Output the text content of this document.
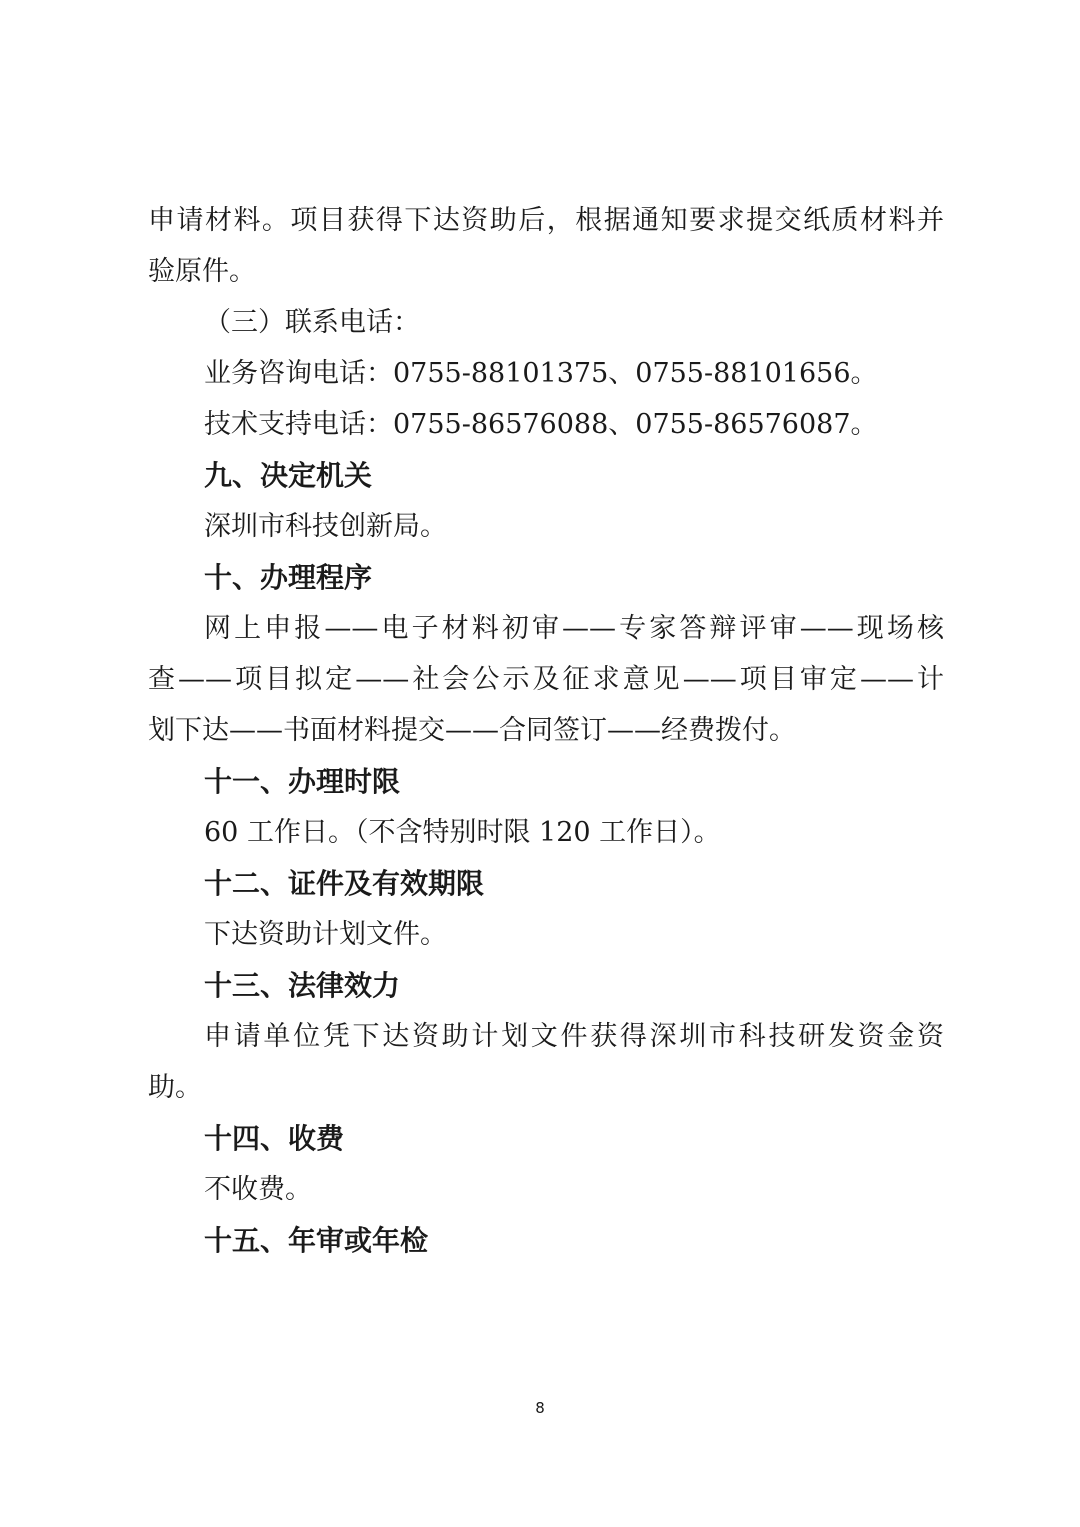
申请材料。项目获得下达资助后，根据通知要求提交纸质材料并

验原件。

（三）联系电话：

业务咨询电话：0755-88101375、0755-88101656。

技术支持电话：0755-86576088、0755-86576087。

九、决定机关

深圳市科技创新局。

十、办理程序

网上申报——电子材料初审——专家答辩评审——现场核

查——项目拟定——社会公示及征求意见——项目审定——计

划下达——书面材料提交——合同签订——经费拨付。

十一、办理时限

60 工作日。（不含特别时限 120 工作日）。

十二、证件及有效期限

下达资助计划文件。

十三、法律效力

申请单位凭下达资助计划文件获得深圳市科技研发资金资

助。

十四、收费

不收费。

十五、年审或年检

8
